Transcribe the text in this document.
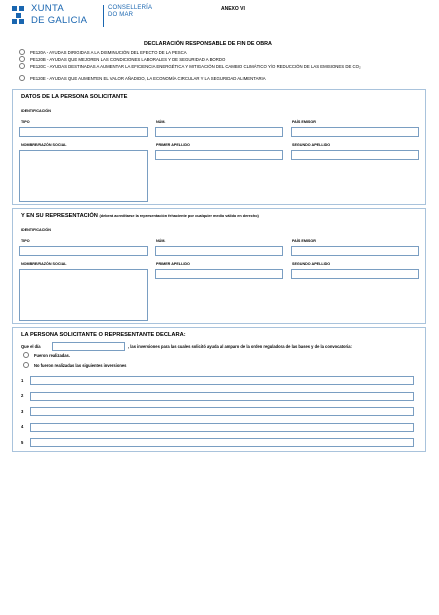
XUNTA
DE GALICIA
CONSELLERÍA
DO MAR
ANEXO VI
DECLARACIÓN RESPONSABLE DE FIN DE OBRA
PE120A - AYUDAS DIRIGIDAS A LA DISMINUCIÓN DEL EFECTO DE LA PESCA
PE120B - AYUDAS QUE MEJOREN LAS CONDICIONES LABORALES Y DE SEGURIDAD A BORDO
PE120C - AYUDAS DESTINADAS A AUMENTAR LA EFICIENCIA ENERGÉTICA Y MITIGACIÓN DEL CAMBIO CLIMÁTICO Y/O REDUCCIÓN DE LAS EMISIONES DE CO₂
PE120E - AYUDAS QUE AUMENTEN EL VALOR AÑADIDO, LA ECONOMÍA CIRCULAR Y LA SEGURIDAD ALIMENTARIA
DATOS DE LA PERSONA SOLICITANTE
IDENTIFICACIÓN
TIPO	NÚM.	PAÍS EMISOR
NOMBRE/RAZÓN SOCIAL	PRIMER APELLIDO	SEGUNDO APELLIDO
Y EN SU REPRESENTACIÓN (deberá acreditarse la representación fehaciente por cualquier medio válido en derecho)
IDENTIFICACIÓN
TIPO	NÚM.	PAÍS EMISOR
NOMBRE/RAZÓN SOCIAL	PRIMER APELLIDO	SEGUNDO APELLIDO
LA PERSONA SOLICITANTE O REPRESENTANTE DECLARA:
Que el día	, las inversiones para las cuales solicitó ayuda al amparo de la orden reguladora de las bases y de la convocatoria:
Fueron realizadas.
No fueron realizadas las siguientes inversiones
1
2
3
4
5
